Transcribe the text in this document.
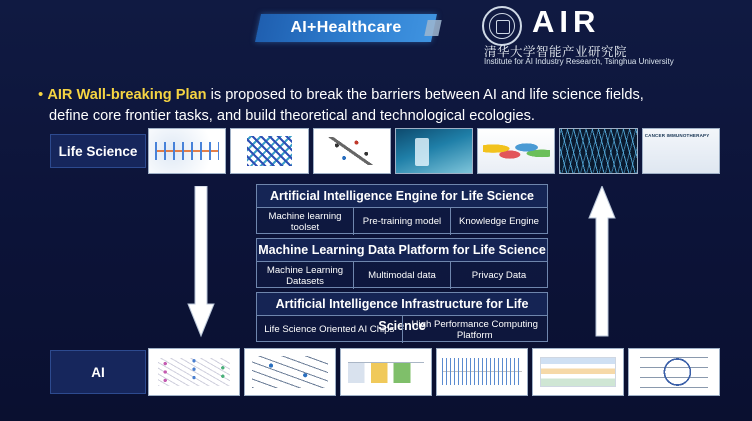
AI+Healthcare	AIR
清华大学智能产业研究院
Institute for AI Industry Research, Tsinghua University
• AIR Wall-breaking Plan is proposed to break the barriers between AI and life science fields,
define core frontier tasks, and build theoretical and technological ecologies.
Life Science
CANCER IMMUNOTHERAPY
Artificial Intelligence Engine for Life Science
Machine learning toolset	Pre-training model	Knowledge Engine
Machine Learning Data Platform for Life Science
Machine Learning Datasets	Multimodal data	Privacy Data
Artificial Intelligence Infrastructure for Life Science
Life Science Oriented AI Chips	High Performance Computing Platform
AI
